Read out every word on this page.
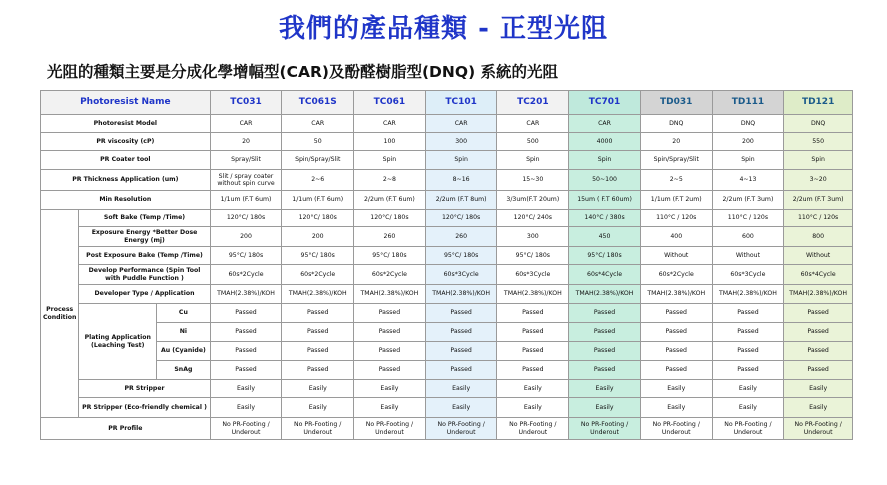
我們的產品種類 - 正型光阻
光阻的種類主要是分成化學增幅型(CAR)及酚醛樹脂型(DNQ) 系統的光阻
Photoresist Name			TC031	TC061S	TC061	TC101	TC201	TC701	TD031	TD111	TD121
Photoresist Model			CAR	CAR	CAR	CAR	CAR	CAR	DNQ	DNQ	DNQ
PR viscosity (cP)			20	50	100	300	500	4000	20	200	550
PR Coater tool			Spray/Slit	Spin/Spray/Slit	Spin	Spin	Spin	Spin	Spin/Spray/Slit	Spin	Spin
PR Thickness Application (um)			Slit / spray coater without spin curve	2~6	2~8	8~16	15~30	50~100	2~5	4~13	3~20
Min Resolution			1/1um (F.T 6um)	1/1um (F.T 6um)	2/2um (F.T 6um)	2/2um (F.T 8um)	3/3um(F.T 20um)	15um ( F.T 60um)	1/1um (F.T 2um)	2/2um (F.T 3um)	2/2um (F.T 3um)
Process Condition	Soft Bake (Temp /Time)		120°C/ 180s	120°C/ 180s	120°C/ 180s	120°C/ 180s	120°C/ 240s	140°C / 380s	110°C / 120s	110°C / 120s	110°C / 120s
	Exposure Energy *Better Dose Energy (mj)		200	200	260	260	300	450	400	600	800
	Post Exposure Bake (Temp /Time)		95°C/ 180s	95°C/ 180s	95°C/ 180s	95°C/ 180s	95°C/ 180s	95°C/ 180s	Without	Without	Without
	Develop Performance (Spin Tool with Puddle Function )		60s*2Cycle	60s*2Cycle	60s*2Cycle	60s*3Cycle	60s*3Cycle	60s*4Cycle	60s*2Cycle	60s*3Cycle	60s*4Cycle
	Developer Type / Application		TMAH(2.38%)/KOH	TMAH(2.38%)/KOH	TMAH(2.38%)/KOH	TMAH(2.38%)/KOH	TMAH(2.38%)/KOH	TMAH(2.38%)/KOH	TMAH(2.38%)/KOH	TMAH(2.38%)/KOH	TMAH(2.38%)/KOH
	Plating Application (Leaching Test)	Cu	Passed	Passed	Passed	Passed	Passed	Passed	Passed	Passed	Passed
		Ni	Passed	Passed	Passed	Passed	Passed	Passed	Passed	Passed	Passed
		Au (Cyanide)	Passed	Passed	Passed	Passed	Passed	Passed	Passed	Passed	Passed
		SnAg	Passed	Passed	Passed	Passed	Passed	Passed	Passed	Passed	Passed
	PR Stripper		Easily	Easily	Easily	Easily	Easily	Easily	Easily	Easily	Easily
	PR Stripper (Eco-friendly chemical )		Easily	Easily	Easily	Easily	Easily	Easily	Easily	Easily	Easily
PR Profile			No PR-Footing / Underout	No PR-Footing / Underout	No PR-Footing / Underout	No PR-Footing / Underout	No PR-Footing / Underout	No PR-Footing / Underout	No PR-Footing / Underout	No PR-Footing / Underout	No PR-Footing / Underout
